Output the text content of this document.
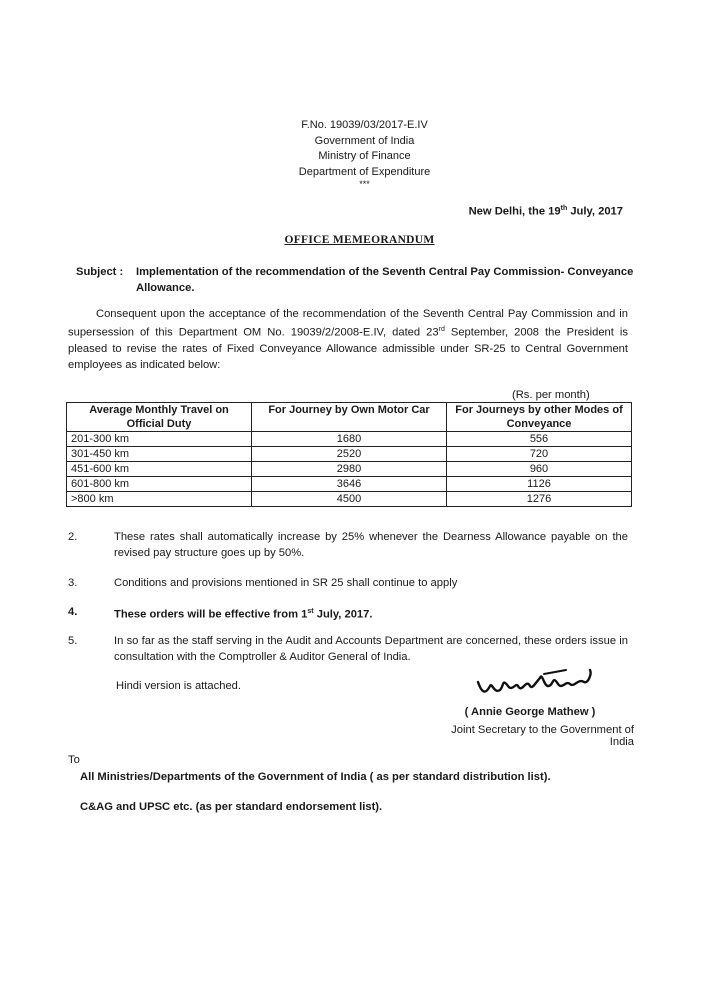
F.No. 19039/03/2017-E.IV
Government of India
Ministry of Finance
Department of Expenditure
***
New Delhi, the 19th July, 2017
OFFICE MEMEORANDUM
Subject : Implementation of the recommendation of the Seventh Central Pay Commission- Conveyance Allowance.
Consequent upon the acceptance of the recommendation of the Seventh Central Pay Commission and in supersession of this Department OM No. 19039/2/2008-E.IV, dated 23rd September, 2008 the President is pleased to revise the rates of Fixed Conveyance Allowance admissible under SR-25 to Central Government employees as indicated below:
(Rs. per month)
Average Monthly Travel on Official Duty	For Journey by Own Motor Car	For Journeys by other Modes of Conveyance
201-300 km	1680	556
301-450 km	2520	720
451-600 km	2980	960
601-800 km	3646	1126
>800 km	4500	1276
2.	These rates shall automatically increase by 25% whenever the Dearness Allowance payable on the revised pay structure goes up by 50%.
3.	Conditions and provisions mentioned in SR 25 shall continue to apply
4.	These orders will be effective from 1st July, 2017.
5.	In so far as the staff serving in the Audit and Accounts Department are concerned, these orders issue in consultation with the Comptroller & Auditor General of India.
Hindi version is attached.
( Annie George Mathew )
Joint Secretary to the Government of India
To
All Ministries/Departments of the Government of India ( as per standard distribution list).
C&AG and UPSC etc. (as per standard endorsement list).
